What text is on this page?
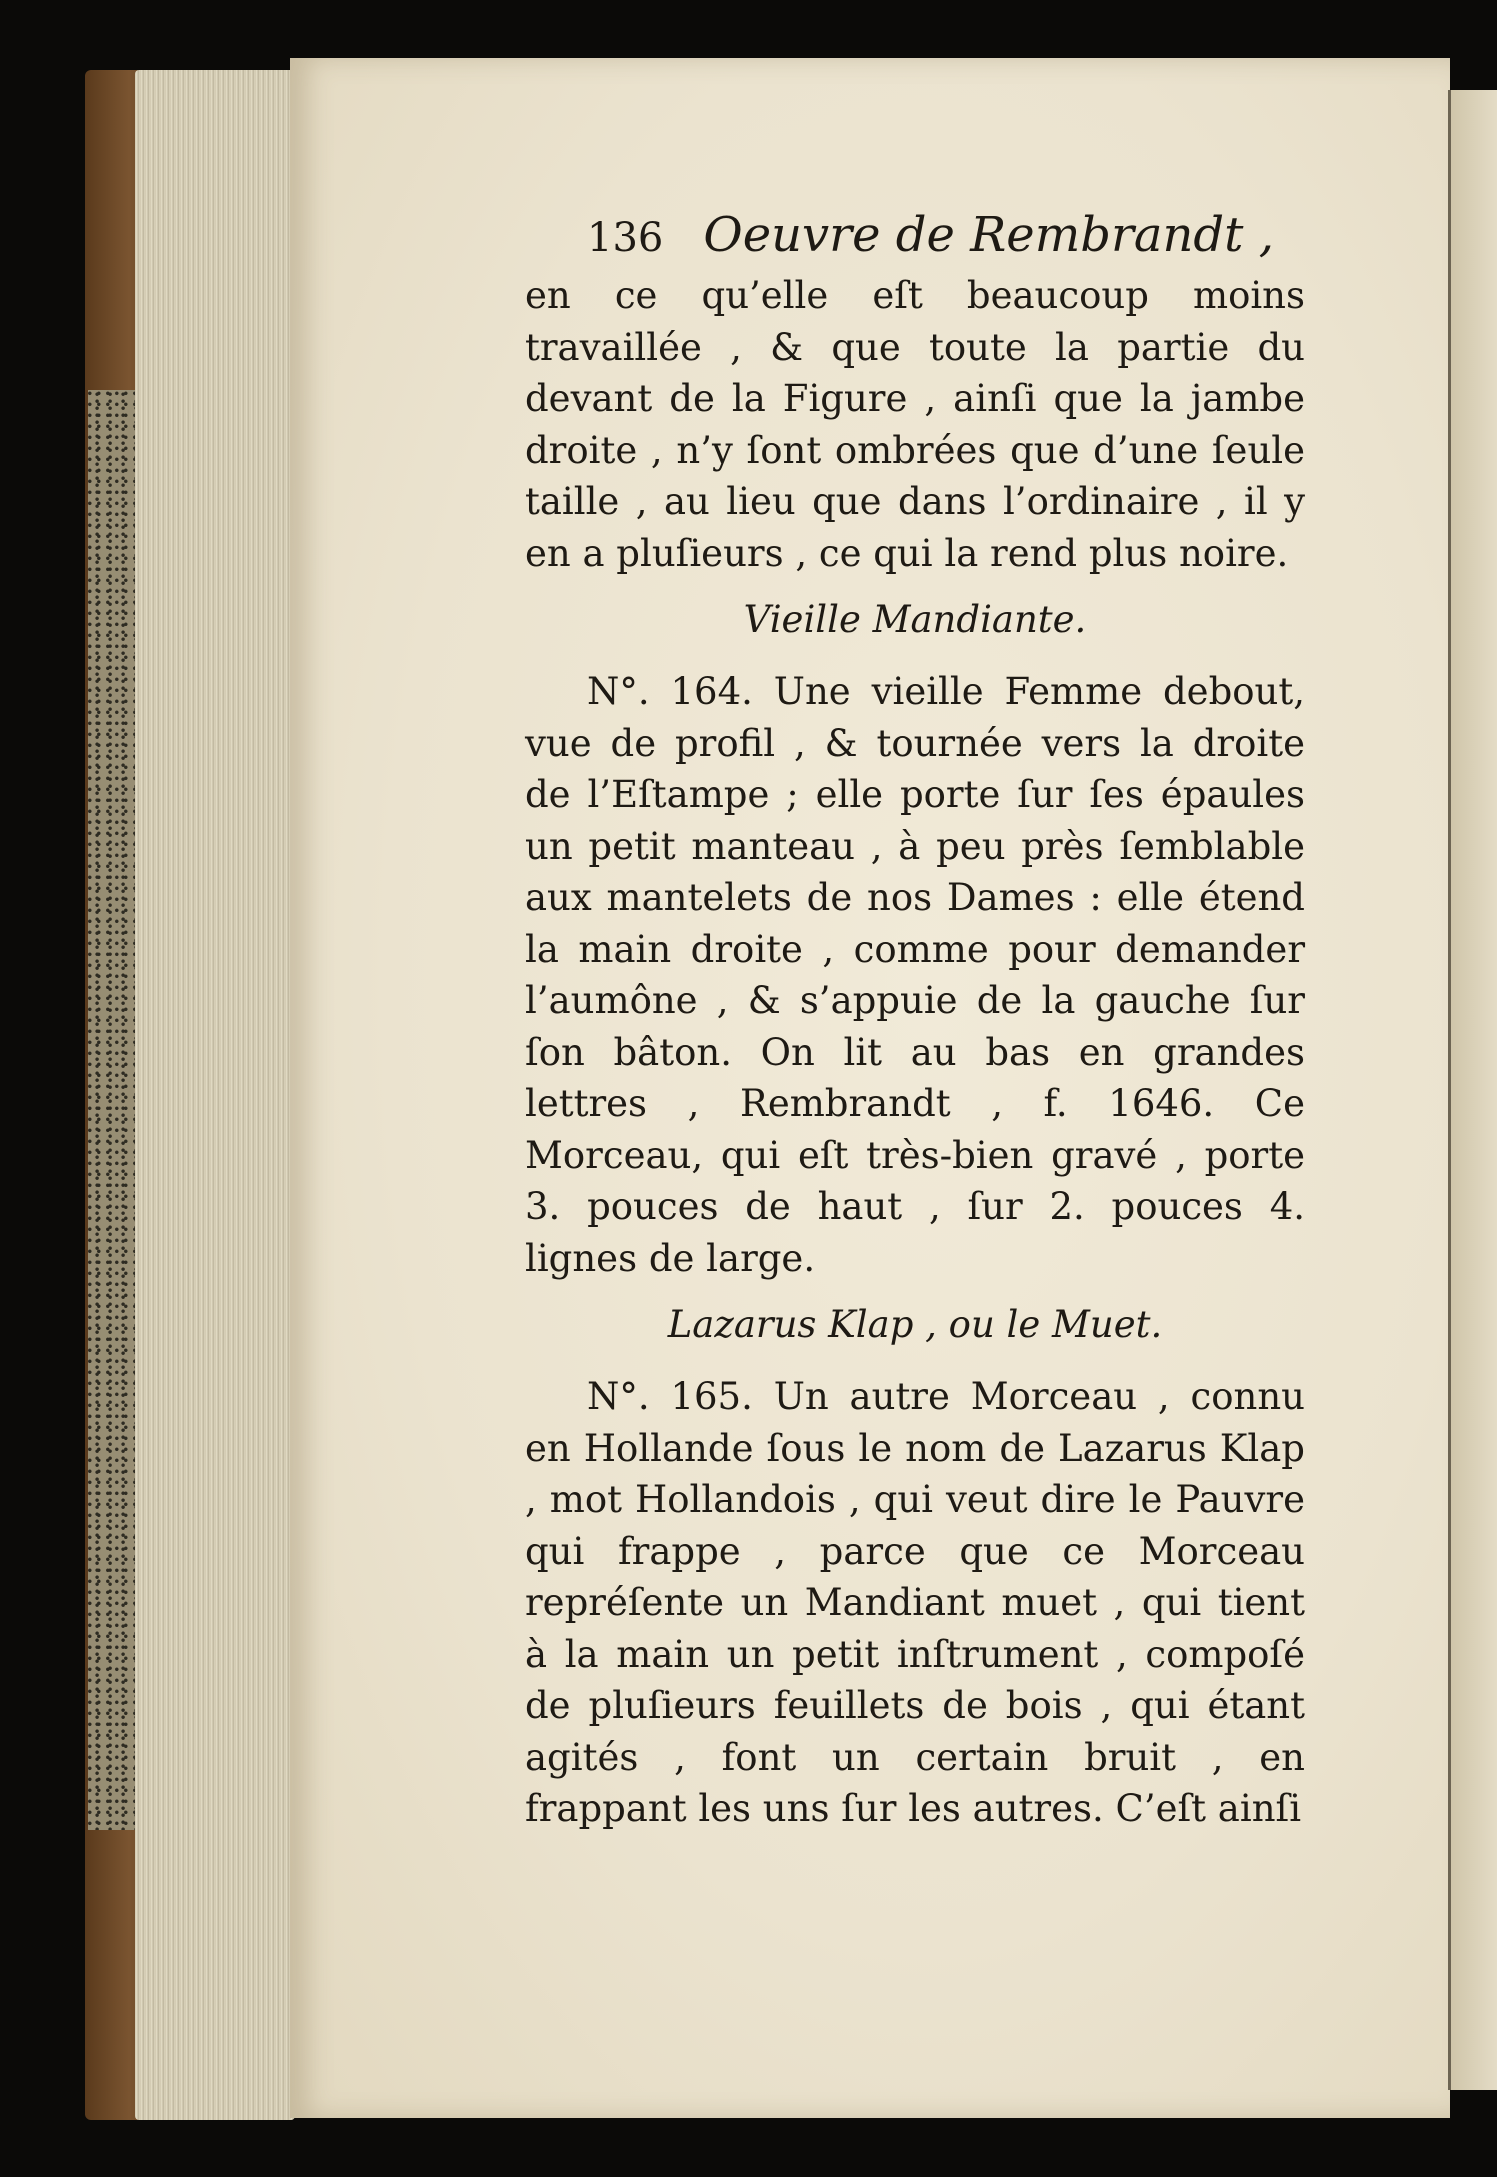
136 Oeuvre de Rembrandt ,

en ce qu’elle eſt beaucoup moins travaillée , & que toute la partie du devant de la Figure , ainſi que la jambe droite , n’y ſont ombrées que d’une ſeule taille , au lieu que dans l’ordinaire , il y en a pluſieurs , ce qui la rend plus noire.

Vieille Mandiante.

N°. 164. Une vieille Femme debout, vue de profil , & tournée vers la droite de l’Eſtampe ; elle porte ſur ſes épaules un petit manteau , à peu près ſemblable aux mantelets de nos Dames : elle étend la main droite , comme pour demander l’aumône , & s’appuie de la gauche ſur ſon bâton. On lit au bas en grandes lettres , Rembrandt , f. 1646. Ce Morceau, qui eſt très-bien gravé , porte 3. pouces de haut , ſur 2. pouces 4. lignes de large.

Lazarus Klap , ou le Muet.

N°. 165. Un autre Morceau , connu en Hollande ſous le nom de Lazarus Klap , mot Hollandois , qui veut dire le Pauvre qui frappe , parce que ce Morceau repréſente un Mandiant muet , qui tient à la main un petit inſtrument , compoſé de pluſieurs feuillets de bois , qui étant agités , font un certain bruit , en frappant les uns ſur les autres. C’eſt ainſi
